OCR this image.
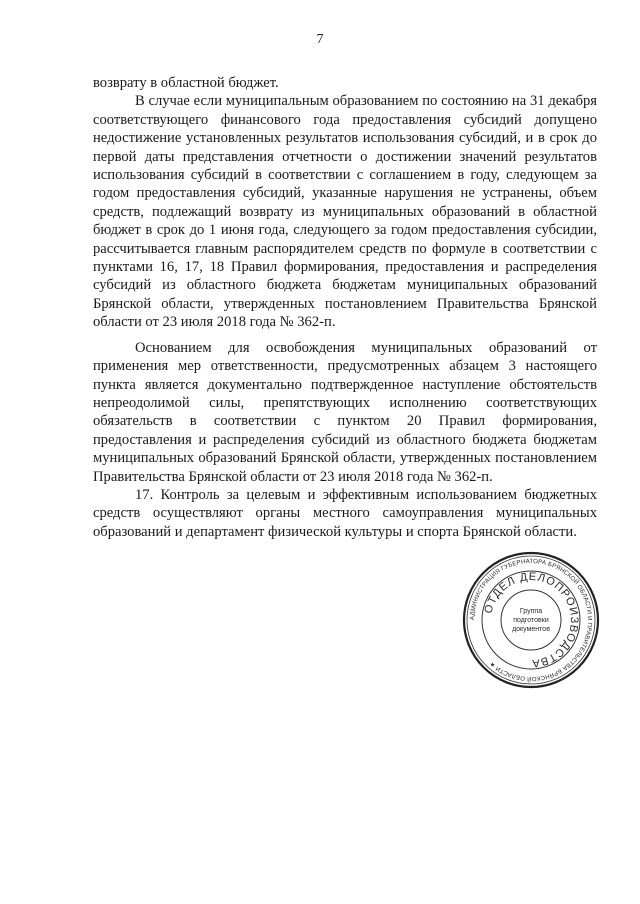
7

возврату в областной бюджет.

В случае если муниципальным образованием по состоянию на 31 декабря соответствующего финансового года предоставления субсидий допущено недостижение установленных результатов использования субсидий, и в срок до первой даты представления отчетности о достижении значений результатов использования субсидий в соответствии с соглашением в году, следующем за годом предоставления субсидий, указанные нарушения не устранены, объем средств, подлежащий возврату из муниципальных образований в областной бюджет в срок до 1 июня года, следующего за годом предоставления субсидии, рассчитывается главным распорядителем средств по формуле в соответствии с пунктами 16, 17, 18 Правил формирования, предоставления и распределения субсидий из областного бюджета бюджетам муниципальных образований Брянской области, утвержденных постановлением Правительства Брянской области от 23 июля 2018 года № 362-п.

Основанием для освобождения муниципальных образований от применения мер ответственности, предусмотренных абзацем 3 настоящего пункта является документально подтвержденное наступление обстоятельств непреодолимой силы, препятствующих исполнению соответствующих обязательств в соответствии с пунктом 20 Правил формирования, предоставления и распределения субсидий из областного бюджета бюджетам муниципальных образований Брянской области, утвержденных постановлением Правительства Брянской области от 23 июля 2018 года № 362-п.

17. Контроль за целевым и эффективным использованием бюджетных средств осуществляют органы местного самоуправления муниципальных образований и департамент физической культуры и спорта Брянской области.

АДМИНИСТРАЦИЯ ГУБЕРНАТОРА БРЯНСКОЙ ОБЛАСТИ И ПРАВИТЕЛЬСТВА БРЯНСКОЙ ОБЛАСТИ ★
ОТДЕЛ ДЕЛОПРОИЗВОДСТВА
Группа
подготовки
документов
